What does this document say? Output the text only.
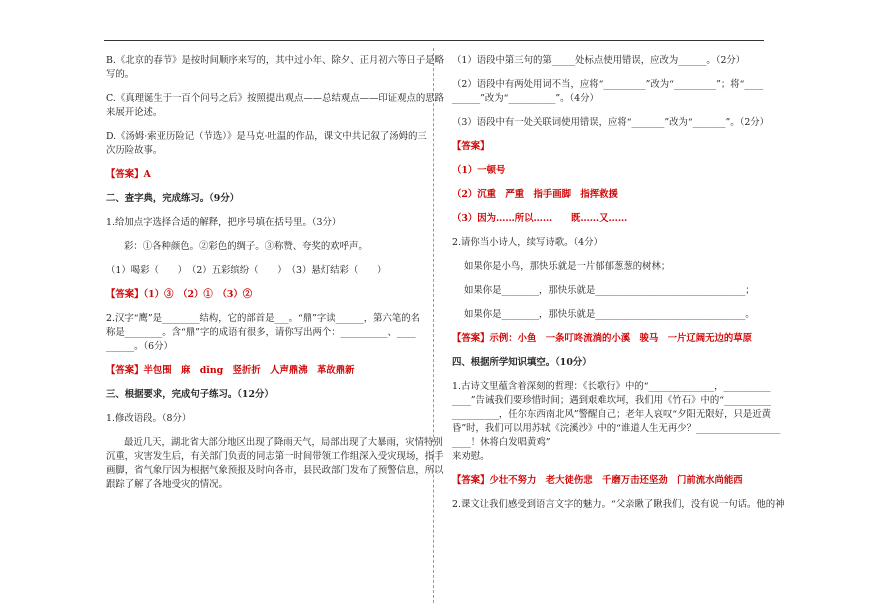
B.《北京的春节》是按时间顺序来写的，其中过小年、除夕、正月初六等日子是略
写的。
C.《真理诞生于一百个问号之后》按照提出观点——总结观点——印证观点的思路
来展开论述。
D.《汤姆·索亚历险记（节选）》是马克·吐温的作品，课文中共记叙了汤姆的三
次历险故事。
【答案】A
二、查字典，完成练习。（9分）
1.给加点字选择合适的解释，把序号填在括号里。（3分）
彩：①各种颜色。②彩色的绸子。③称赞、夸奖的欢呼声。
（1）喝彩（　　）　（2）五彩缤纷（　　）　（3）悬灯结彩（　　）
【答案】（1）③　（2）①　（3）②
2.汉字“鹰”是________结构，它的部首是___。“鼎”字读______，第六笔的名
称是________。含“鼎”字的成语有很多，请你写出两个：__________、____
______。（6分）
【答案】半包围　麻　dǐng　竖折折　人声鼎沸　革故鼎新
三、根据要求，完成句子练习。（12分）
1.修改语段。（8分）
最近几天，湖北省大部分地区出现了降雨天气，局部出现了大暴雨，灾情特别
沉重，灾害发生后，有关部门负责的同志第一时间带领工作组深入受灾现场，指手
画脚，省气象厅因为根据气象预报及时向各市，县民政部门发布了预警信息，所以
跟踪了解了各地受灾的情况。
（1）语段中第三句的第_____处标点使用错误，应改为______。（2分）
（2）语段中有两处用词不当，应将“_________”改为“_________”；将“____
______”改为“__________”。（4分）
（3）语段中有一处关联词使用错误，应将“_______”改为“_______”。（2分）
【答案】
（1）一顿号
（2）沉重　严重　指手画脚　指挥救援
（3）因为……所以……　　既……又……
2.请你当小诗人，续写诗歌。（4分）
如果你是小鸟，那快乐就是一片郁郁葱葱的树林；
如果你是________，那快乐就是________________________________；
如果你是________，那快乐就是________________________________。
【答案】示例：小鱼　一条叮咚流淌的小溪　骏马　一片辽阔无边的草原
四、根据所学知识填空。（10分）
1.古诗文里蕴含着深刻的哲理：《长歌行》中的“______________，__________
____”告诫我们要珍惜时间；遇到艰难坎坷，我们用《竹石》中的“__________
__________，任尔东西南北风”警醒自己；老年人哀叹“夕阳无限好，只是近黄
昏”时，我们可以用苏轼《浣溪沙》中的“谁道人生无再少？__________________
____！休将白发唱黄鸡”
来劝慰。
【答案】少壮不努力　老大徒伤悲　千磨万击还坚劲　门前流水尚能西
2.课文让我们感受到语言文字的魅力。“父亲瞅了瞅我们，没有说一句话。他的神
